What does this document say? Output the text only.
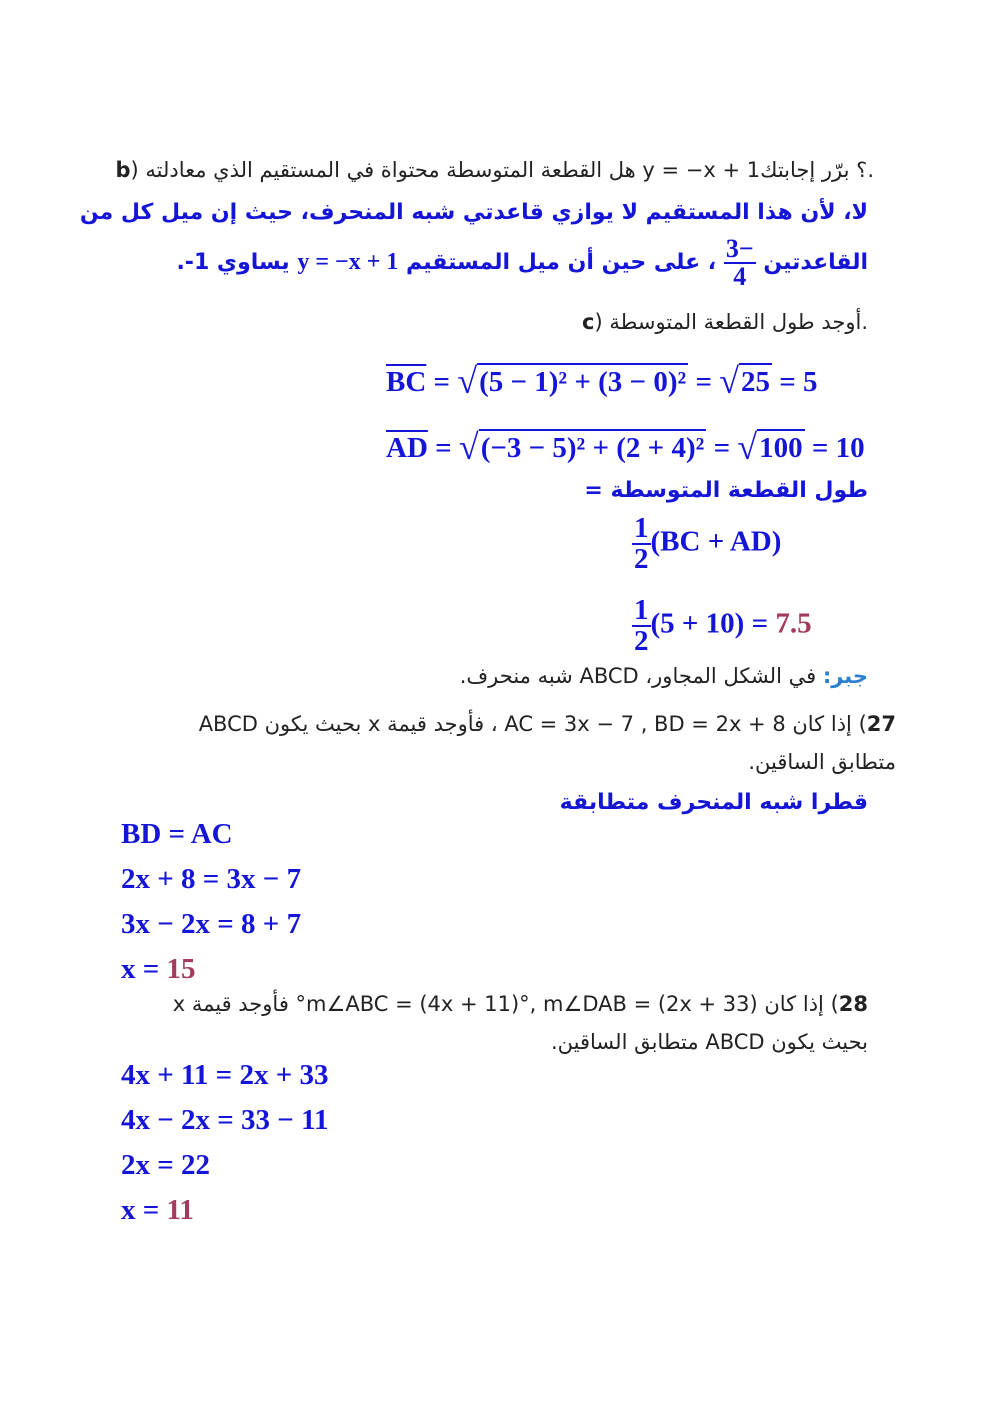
b) هل القطعة المتوسطة محتواة في المستقيم الذي معادلته y = −x + 1؟ برّر إجابتك.
لا، لأن هذا المستقيم لا يوازي قاعدتي شبه المنحرف، حيث إن ميل كل من
القاعدتين
$\frac{-3}{4}$
، على حين أن ميل المستقيم y = −x + 1 يساوي 1-.
c) أوجد طول القطعة المتوسطة.
$\overline{BC} = √(5 - 1)^2 + (3 - 0)^2 = √25 = 5$
$\overline{AD} = √(-3 - 5)^2 + (2 + 4)^2 = √100 = 10$
طول القطعة المتوسطة =
$\frac{1}{2} (BC + AD)$
$\frac{1}{2} (5 + 10) = 7.5$
جبر: في الشكل المجاور، ABCD شبه منحرف.
27) إذا كان AC = 3x − 7 , BD = 2x + 8 ، فأوجد قيمة x بحيث يكون ABCD
متطابق الساقين.
قطرا شبه المنحرف متطابقة
BD = AC
2x + 8 = 3x − 7
3x − 2x = 8 + 7
x = 15
28) إذا كان m∠ABC = (4x + 11)°, m∠DAB = (2x + 33)° فأوجد قيمة x
بحيث يكون ABCD متطابق الساقين.
4x + 11 = 2x + 33
4x − 2x = 33 − 11
2x = 22
x = 11
